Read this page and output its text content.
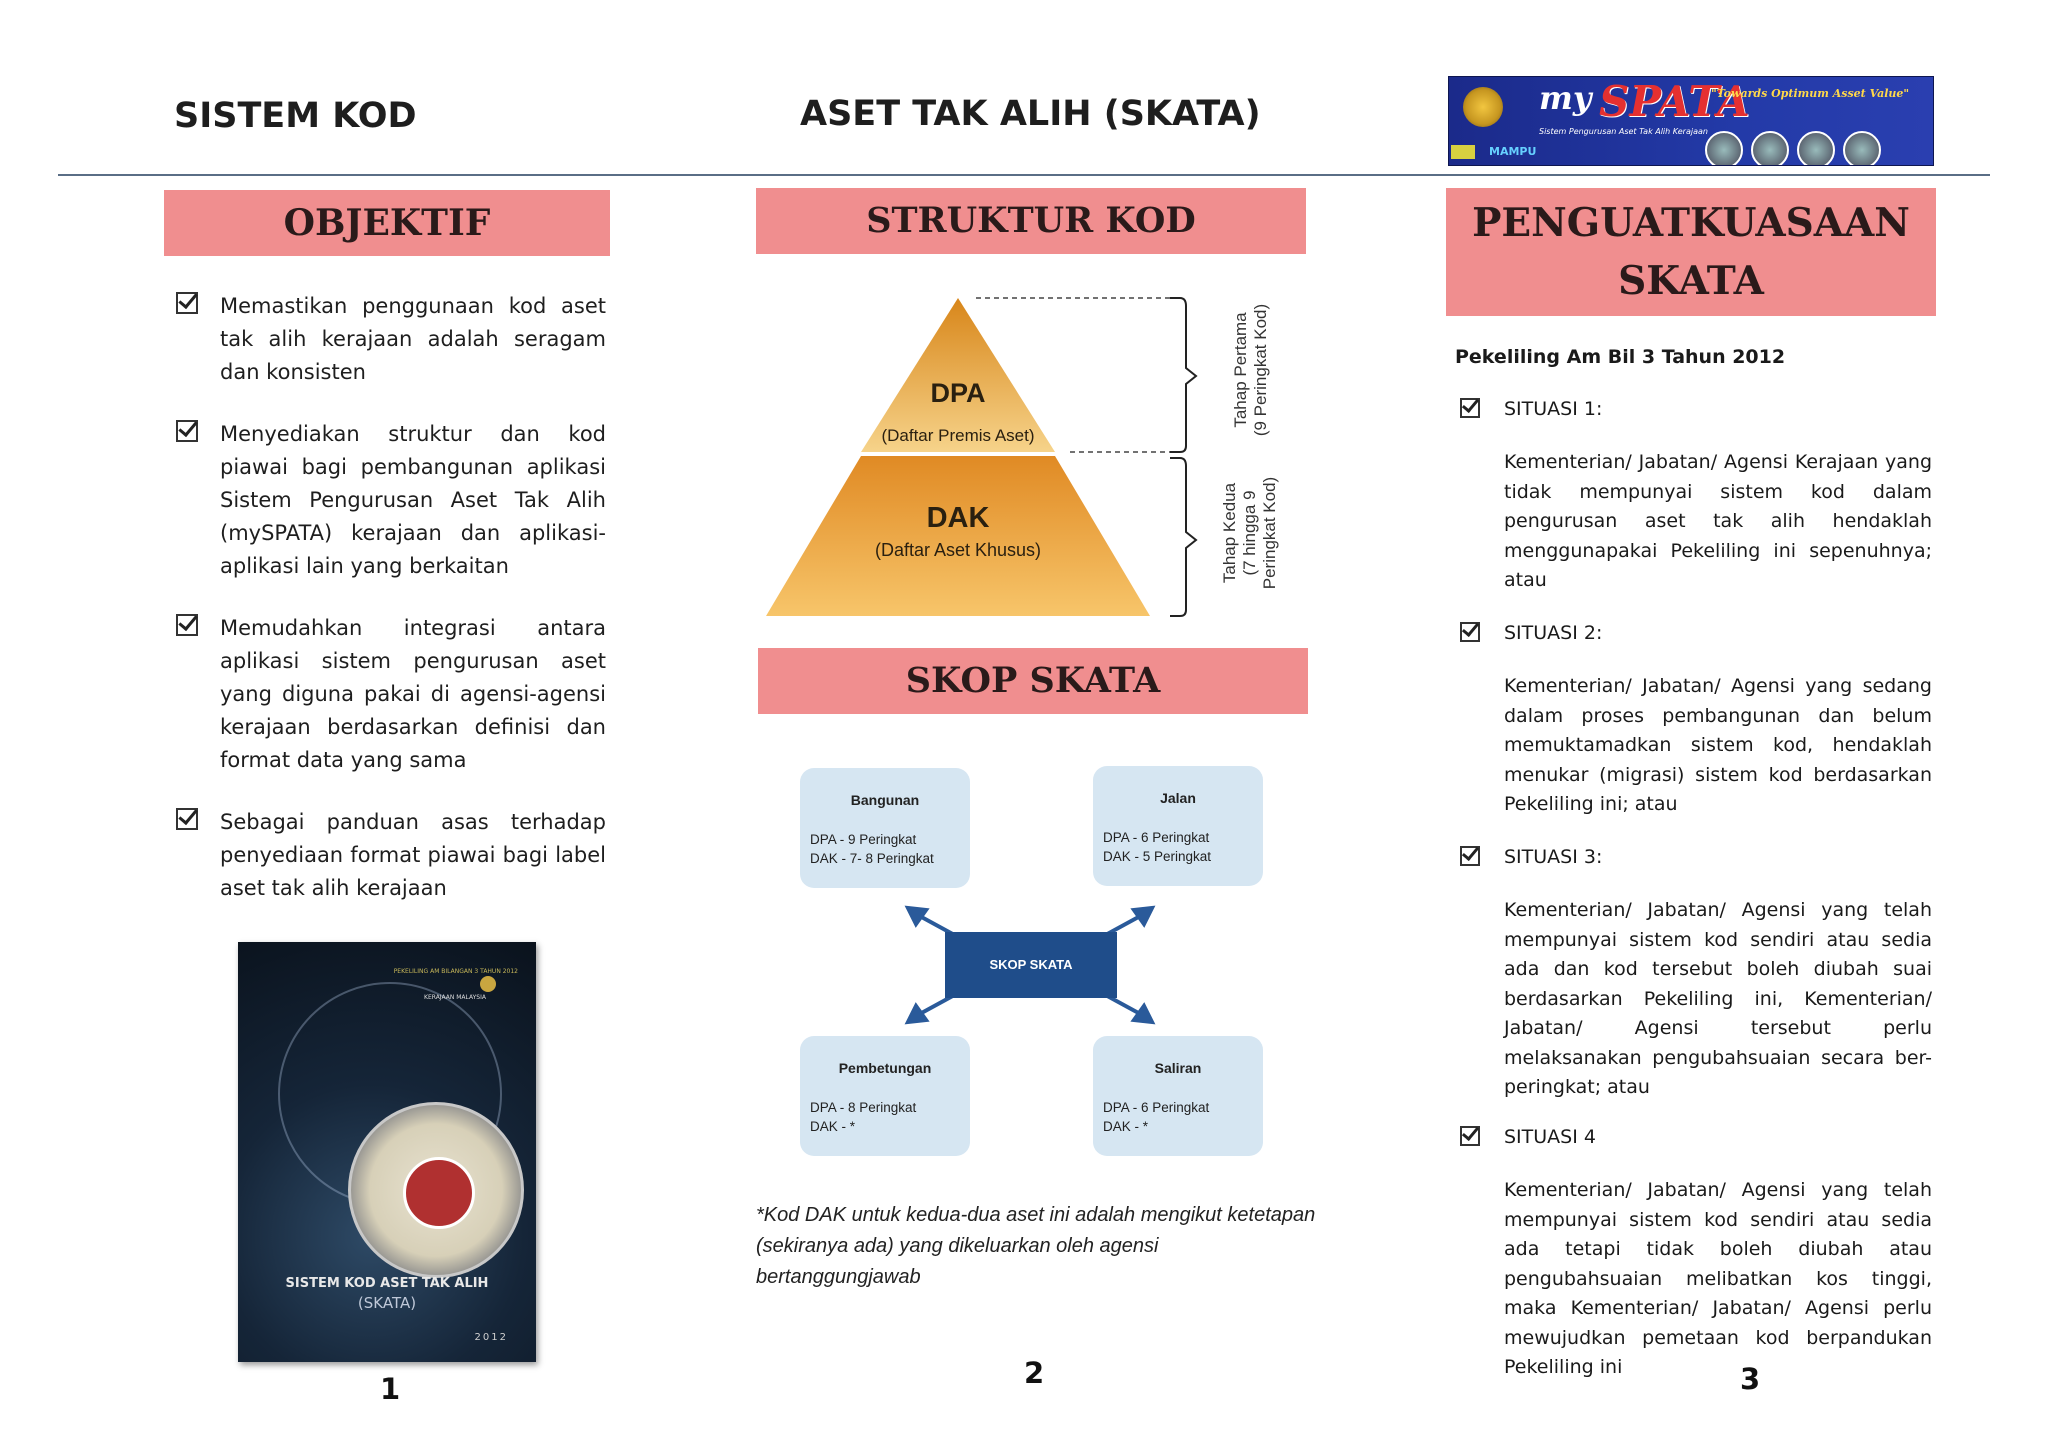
SISTEM KOD	ASET TAK ALIH (SKATA)	my SPATA
"Towards Optimum Asset Value"
Sistem Pengurusan Aset Tak Alih Kerajaan
MAMPU
OBJEKTIF
Memastikan penggunaan kod aset tak alih kerajaan adalah seragam dan konsisten
Menyediakan struktur dan kod piawai bagi pembangunan aplikasi Sistem Pengurusan Aset Tak Alih (mySPATA) kerajaan dan aplikasi-aplikasi lain yang berkaitan
Memudahkan integrasi antara aplikasi sistem pengurusan aset yang diguna pakai di agensi-agensi kerajaan berdasarkan definisi dan format data yang sama
Sebagai panduan asas terhadap penyediaan format piawai bagi label aset tak alih kerajaan
PEKELILING AM BILANGAN 3 TAHUN 2012
KERAJAAN MALAYSIA
SISTEM KOD ASET TAK ALIH
(SKATA)
2012
1
STRUKTUR KOD
DPA
(Daftar Premis Aset)
DAK
(Daftar Aset Khusus)
Tahap Pertama (9 Peringkat Kod)
Tahap Kedua (7 hingga 9 Peringkat Kod)
SKOP SKATA
Bangunan
DPA - 9 Peringkat
DAK - 7- 8 Peringkat
Jalan
DPA - 6 Peringkat
DAK - 5 Peringkat
Pembetungan
DPA - 8 Peringkat
DAK - *
Saliran
DPA - 6 Peringkat
DAK - *
SKOP SKATA
*Kod DAK untuk kedua-dua aset ini adalah mengikut ketetapan (sekiranya ada) yang dikeluarkan oleh agensi bertanggungjawab
2
PENGUATKUASAAN
SKATA
Pekeliling Am Bil 3 Tahun 2012
SITUASI 1:
Kementerian/ Jabatan/ Agensi Kerajaan yang tidak mempunyai sistem kod dalam pengurusan aset tak alih hendaklah menggunapakai Pekeliling ini sepenuhnya; atau
SITUASI 2:
Kementerian/ Jabatan/ Agensi yang sedang dalam proses pembangunan dan belum memuktamadkan sistem kod, hendaklah menukar (migrasi) sistem kod berdasarkan Pekeliling ini; atau
SITUASI 3:
Kementerian/ Jabatan/ Agensi yang telah mempunyai sistem kod sendiri atau sedia ada dan kod tersebut boleh diubah suai berdasarkan Pekeliling ini, Kementerian/ Jabatan/ Agensi tersebut perlu melaksanakan pengubahsuaian secara ber-peringkat; atau
SITUASI 4
Kementerian/ Jabatan/ Agensi yang telah mempunyai sistem kod sendiri atau sedia ada tetapi tidak boleh diubah atau pengubahsuaian melibatkan kos tinggi, maka Kementerian/ Jabatan/ Agensi perlu mewujudkan pemetaan kod berpandukan Pekeliling ini	3
